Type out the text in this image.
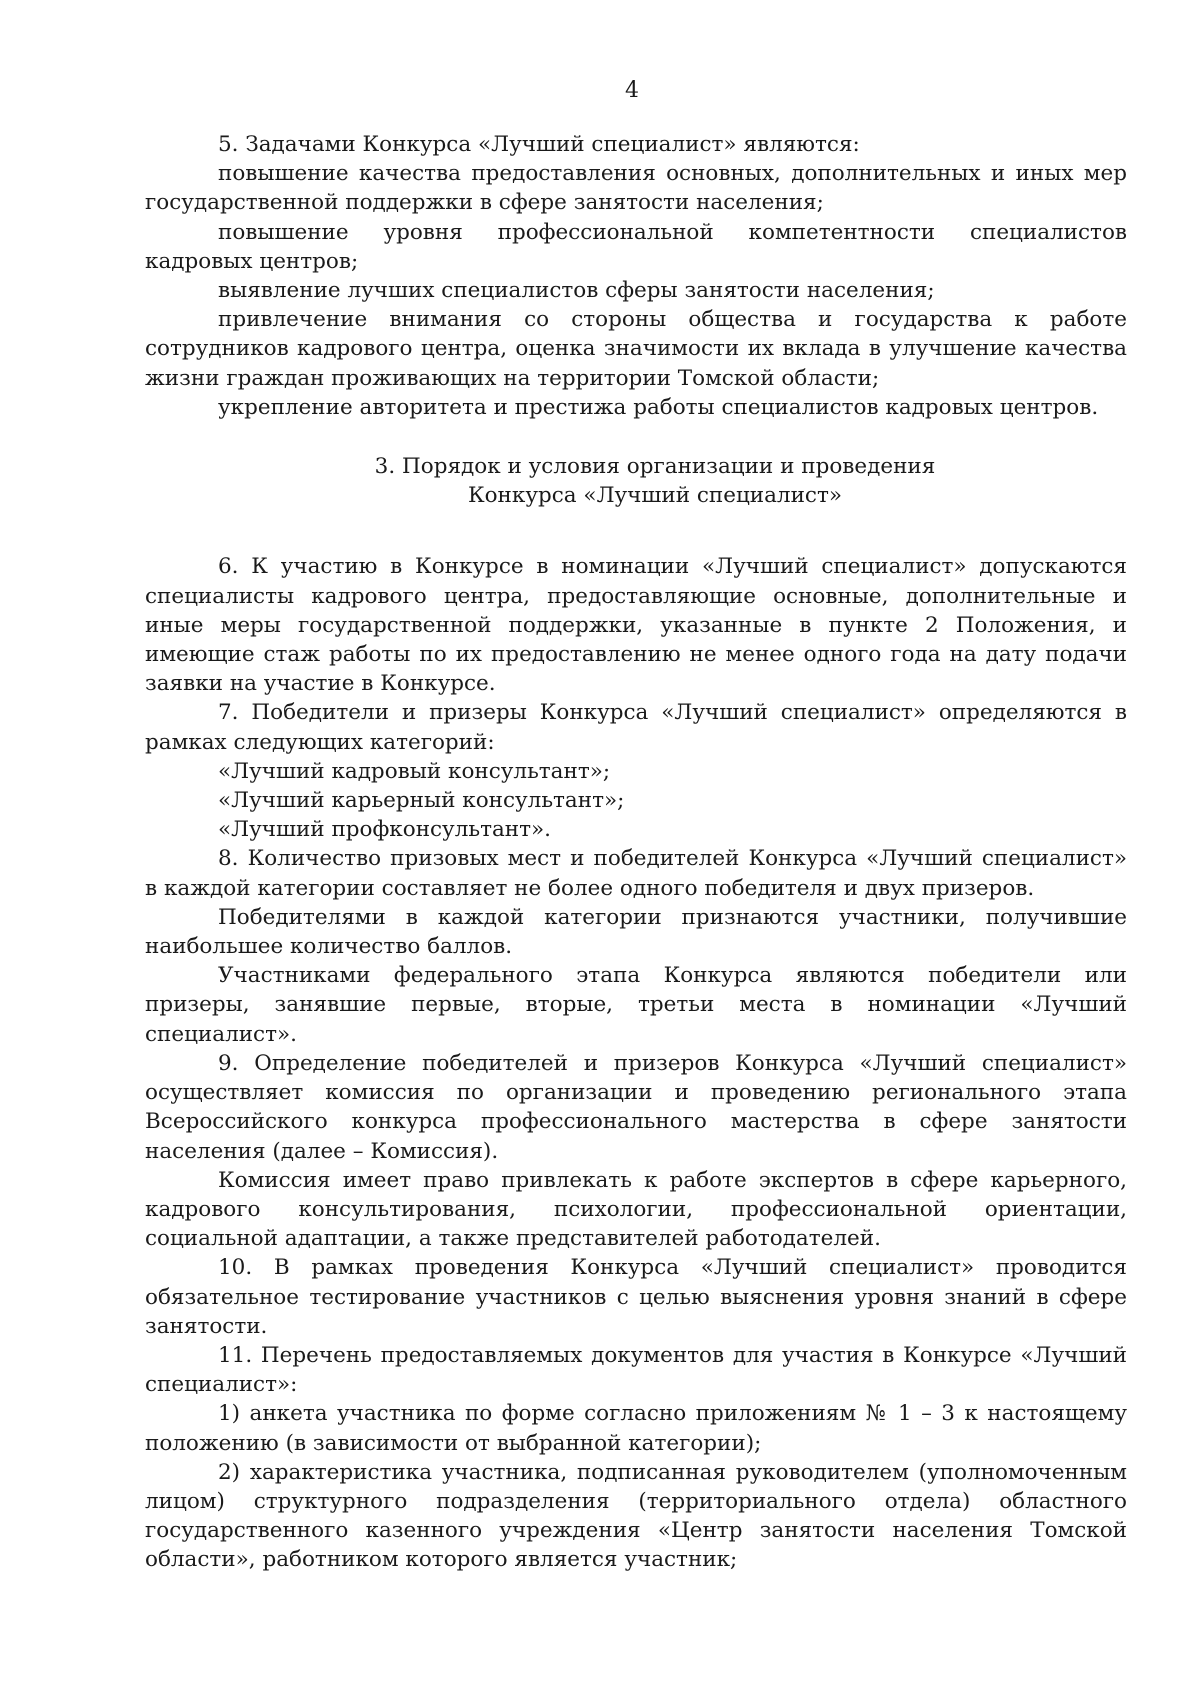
4

5. Задачами Конкурса «Лучший специалист» являются:

повышение качества предоставления основных, дополнительных и иных мер государственной поддержки в сфере занятости населения;

повышение уровня профессиональной компетентности специалистов кадровых центров;

выявление лучших специалистов сферы занятости населения;

привлечение внимания со стороны общества и государства к работе сотрудников кадрового центра, оценка значимости их вклада в улучшение качества жизни граждан проживающих на территории Томской области;

укрепление авторитета и престижа работы специалистов кадровых центров.

3. Порядок и условия организации и проведения
Конкурса «Лучший специалист»

6. К участию в Конкурсе в номинации «Лучший специалист» допускаются специалисты кадрового центра, предоставляющие основные, дополнительные и иные меры государственной поддержки, указанные в пункте 2 Положения, и имеющие стаж работы по их предоставлению не менее одного года на дату подачи заявки на участие в Конкурсе.

7. Победители и призеры Конкурса «Лучший специалист» определяются в рамках следующих категорий:

«Лучший кадровый консультант»;

«Лучший карьерный консультант»;

«Лучший профконсультант».

8. Количество призовых мест и победителей Конкурса «Лучший специалист» в каждой категории составляет не более одного победителя и двух призеров.

Победителями в каждой категории признаются участники, получившие наибольшее количество баллов.

Участниками федерального этапа Конкурса являются победители или призеры, занявшие первые, вторые, третьи места в номинации «Лучший специалист».

9. Определение победителей и призеров Конкурса «Лучший специалист» осуществляет комиссия по организации и проведению регионального этапа Всероссийского конкурса профессионального мастерства в сфере занятости населения (далее – Комиссия).

Комиссия имеет право привлекать к работе экспертов в сфере карьерного, кадрового консультирования, психологии, профессиональной ориентации, социальной адаптации, а также представителей работодателей.

10. В рамках проведения Конкурса «Лучший специалист» проводится обязательное тестирование участников с целью выяснения уровня знаний в сфере занятости.

11. Перечень предоставляемых документов для участия в Конкурсе «Лучший специалист»:

1) анкета участника по форме согласно приложениям № 1 – 3 к настоящему положению (в зависимости от выбранной категории);

2) характеристика участника, подписанная руководителем (уполномоченным лицом) структурного подразделения (территориального отдела) областного государственного казенного учреждения «Центр занятости населения Томской области», работником которого является участник;
